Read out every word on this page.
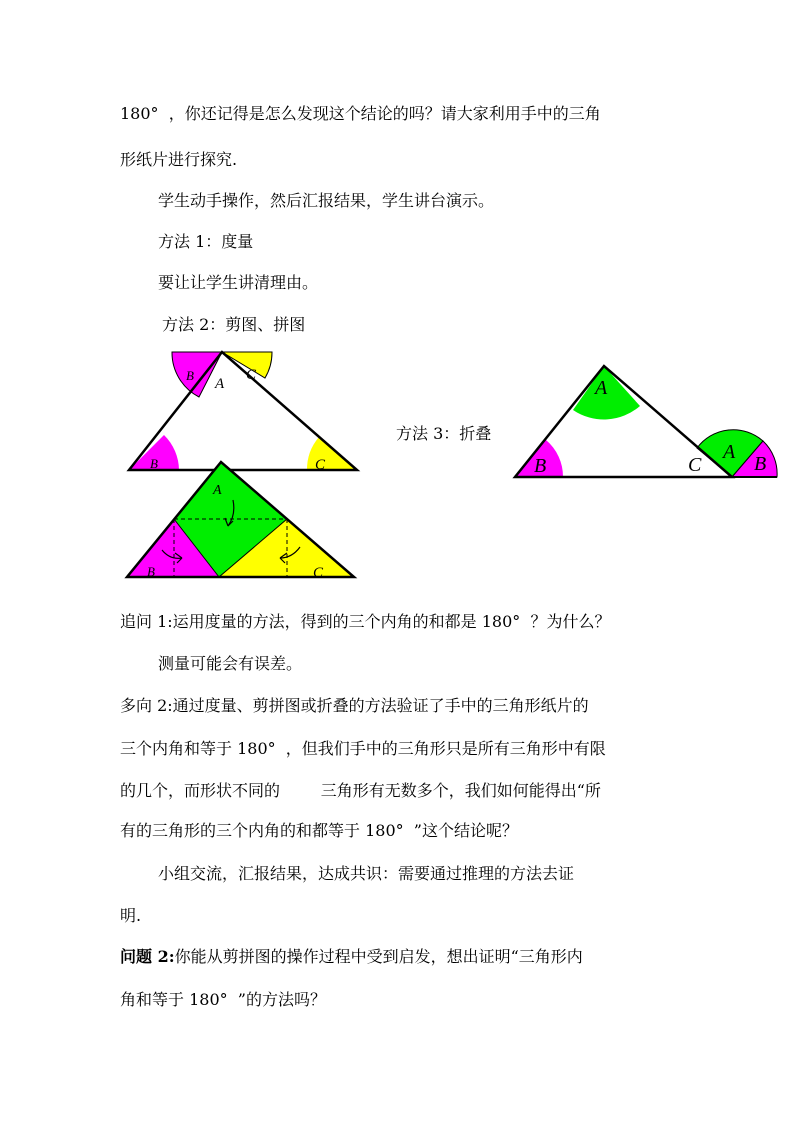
180°  ，你还记得是怎么发现这个结论的吗？请大家利用手中的三角
形纸片进行探究.
学生动手操作，然后汇报结果，学生讲台演示。
方法 1：度量
要让让学生讲清理由。
方法 2：剪图、拼图
B
A
C
B	C
A
B	C
A
B	C
A
B
方法 3：折叠
追问 1:运用度量的方法，得到的三个内角的和都是 180°  ？为什么？
测量可能会有误差。
多向 2:通过度量、剪拼图或折叠的方法验证了手中的三角形纸片的
三个内角和等于 180°  ，但我们手中的三角形只是所有三角形中有限
的几个，而形状不同的        三角形有无数多个，我们如何能得出“所
有的三角形的三个内角的和都等于 180°  ”这个结论呢？
小组交流，汇报结果，达成共识：需要通过推理的方法去证
明.
问题 2:你能从剪拼图的操作过程中受到启发，想出证明“三角形内
角和等于 180°  ”的方法吗？
